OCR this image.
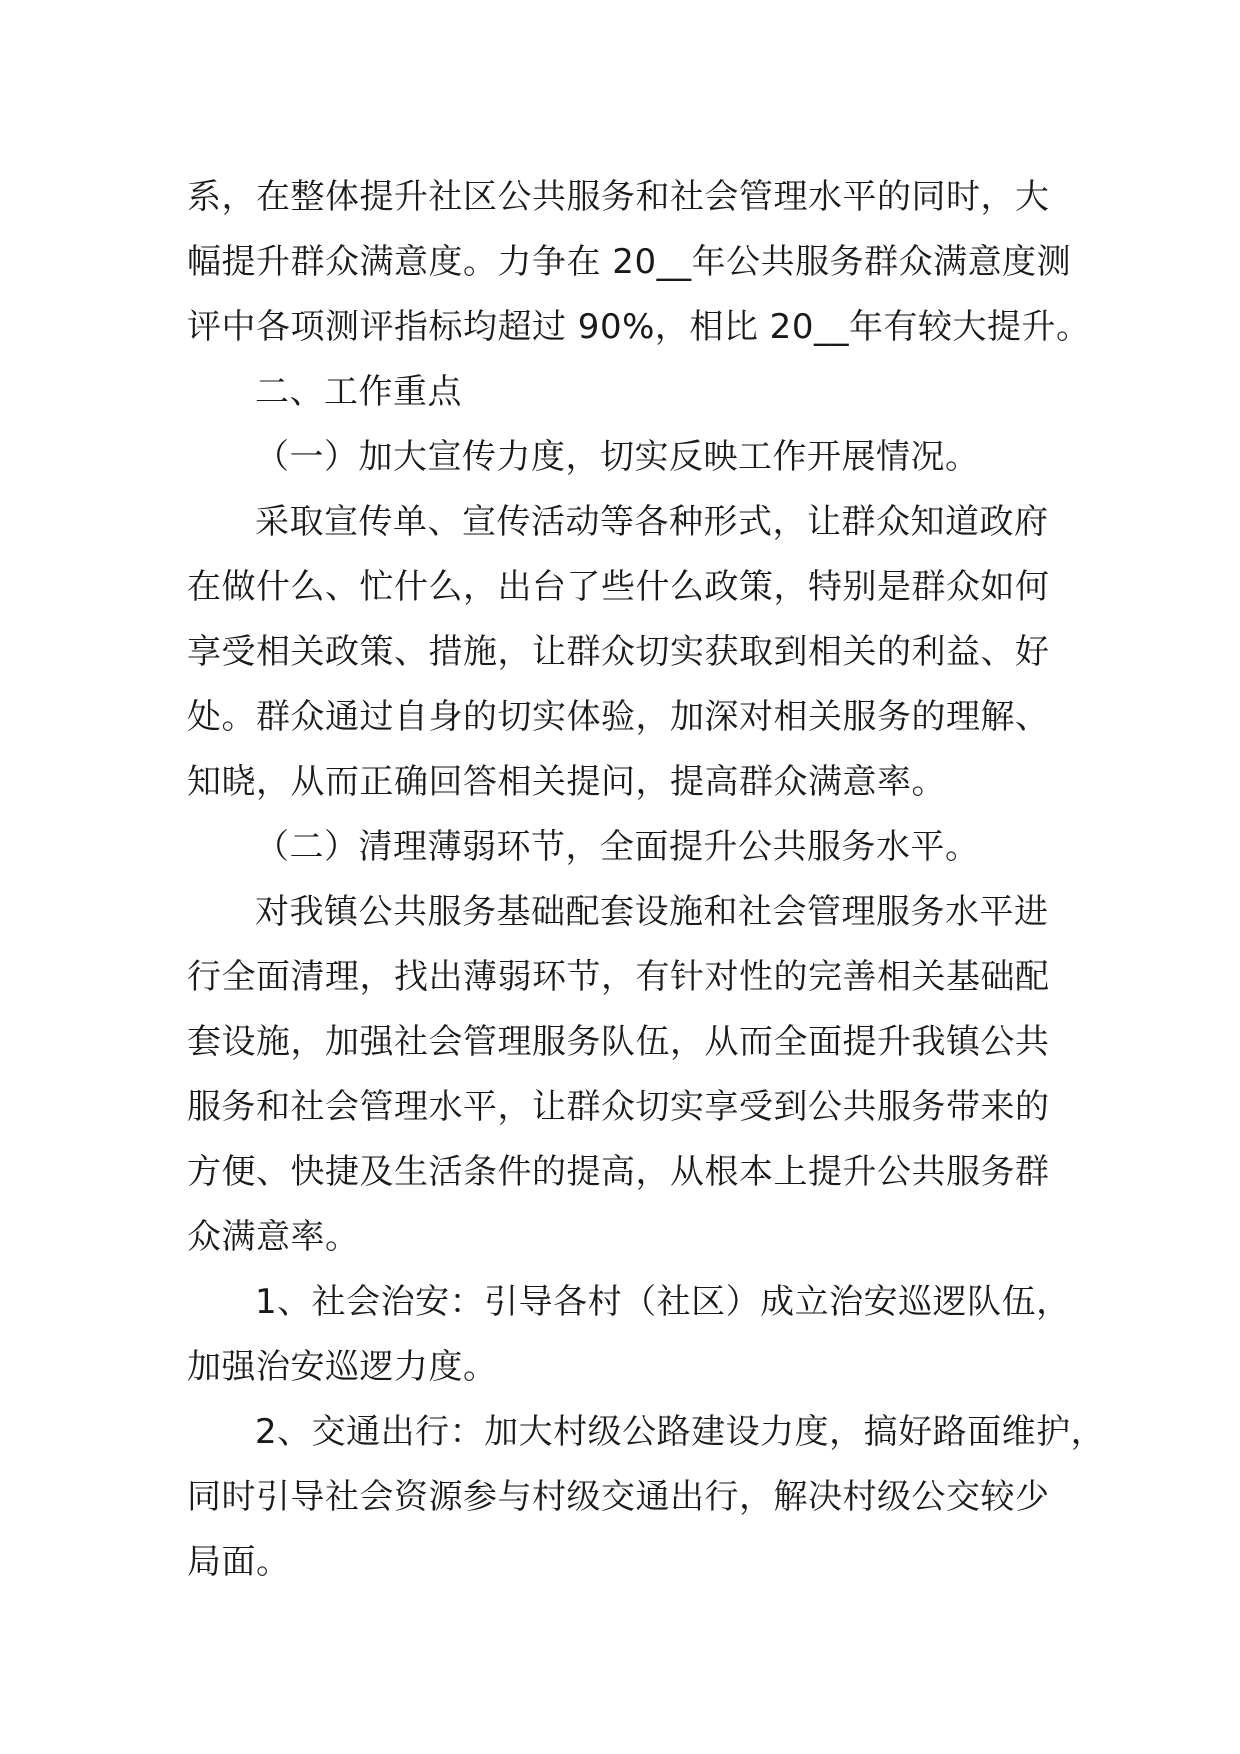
系，在整体提升社区公共服务和社会管理水平的同时，大
幅提升群众满意度。力争在 20__年公共服务群众满意度测
评中各项测评指标均超过 90%，相比 20__年有较大提升。
二、工作重点
（一）加大宣传力度，切实反映工作开展情况。
采取宣传单、宣传活动等各种形式，让群众知道政府
在做什么、忙什么，出台了些什么政策，特别是群众如何
享受相关政策、措施，让群众切实获取到相关的利益、好
处。群众通过自身的切实体验，加深对相关服务的理解、
知晓，从而正确回答相关提问，提高群众满意率。
（二）清理薄弱环节，全面提升公共服务水平。
对我镇公共服务基础配套设施和社会管理服务水平进
行全面清理，找出薄弱环节，有针对性的完善相关基础配
套设施，加强社会管理服务队伍，从而全面提升我镇公共
服务和社会管理水平，让群众切实享受到公共服务带来的
方便、快捷及生活条件的提高，从根本上提升公共服务群
众满意率。
1、社会治安：引导各村（社区）成立治安巡逻队伍，
加强治安巡逻力度。
2、交通出行：加大村级公路建设力度，搞好路面维护，
同时引导社会资源参与村级交通出行，解决村级公交较少
局面。
